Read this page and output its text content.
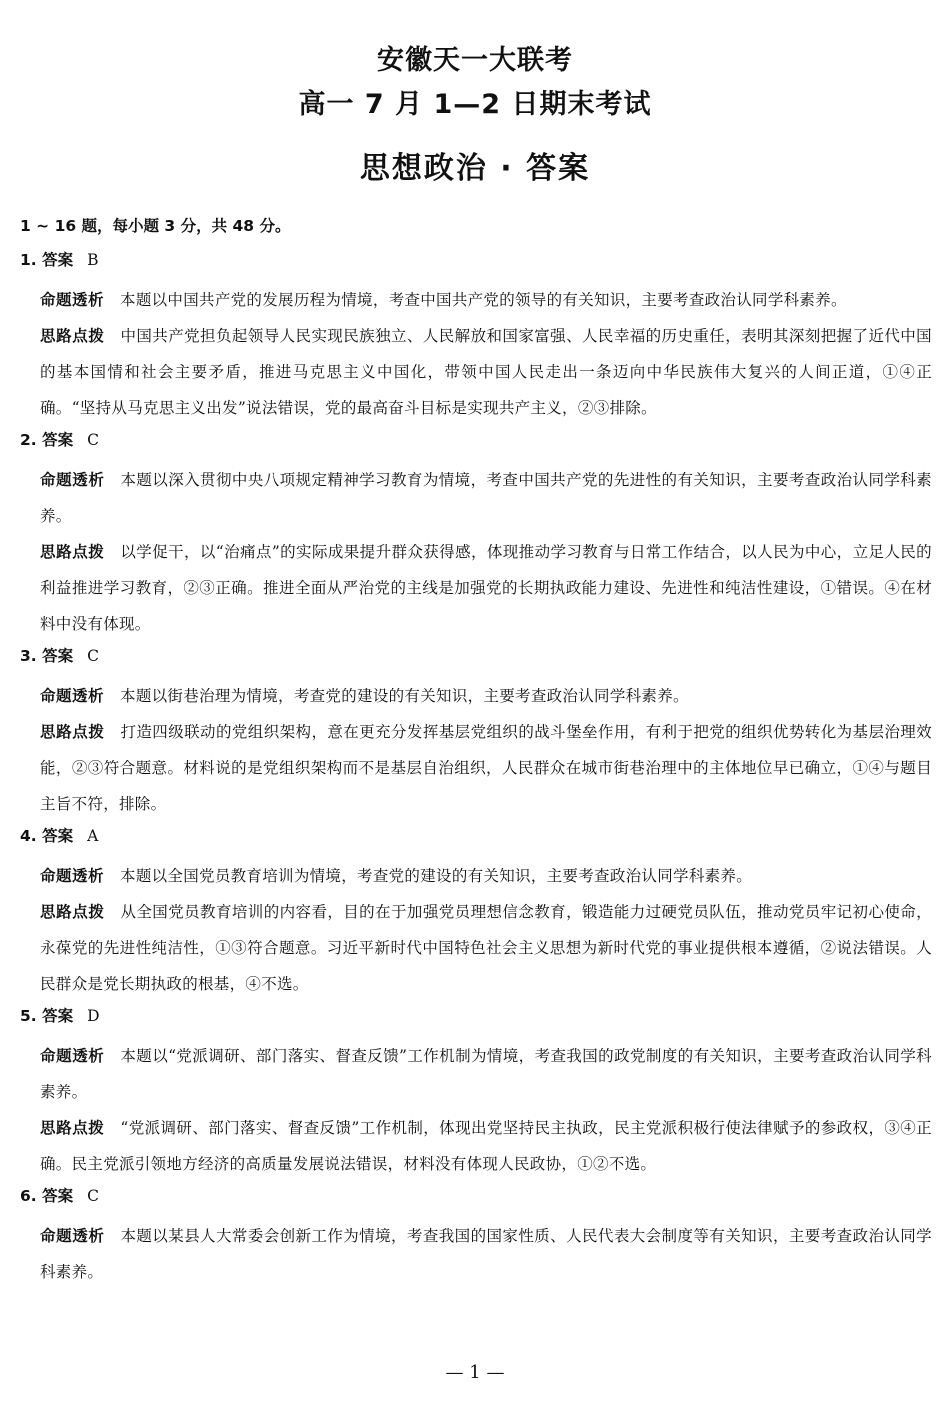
安徽天一大联考
高一 7 月 1—2 日期末考试
思想政治 · 答案
1 ~ 16 题，每小题 3 分，共 48 分。
1. 答案 B

命题透析 本题以中国共产党的发展历程为情境，考查中国共产党的领导的有关知识，主要考查政治认同学科素养。

思路点拨 中国共产党担负起领导人民实现民族独立、人民解放和国家富强、人民幸福的历史重任，表明其深刻把握了近代中国的基本国情和社会主要矛盾，推进马克思主义中国化，带领中国人民走出一条迈向中华民族伟大复兴的人间正道，①④正确。“坚持从马克思主义出发”说法错误，党的最高奋斗目标是实现共产主义，②③排除。

2. 答案 C

命题透析 本题以深入贯彻中央八项规定精神学习教育为情境，考查中国共产党的先进性的有关知识，主要考查政治认同学科素养。

思路点拨 以学促干，以“治痛点”的实际成果提升群众获得感，体现推动学习教育与日常工作结合，以人民为中心，立足人民的利益推进学习教育，②③正确。推进全面从严治党的主线是加强党的长期执政能力建设、先进性和纯洁性建设，①错误。④在材料中没有体现。

3. 答案 C

命题透析 本题以街巷治理为情境，考查党的建设的有关知识，主要考查政治认同学科素养。

思路点拨 打造四级联动的党组织架构，意在更充分发挥基层党组织的战斗堡垒作用，有利于把党的组织优势转化为基层治理效能，②③符合题意。材料说的是党组织架构而不是基层自治组织，人民群众在城市街巷治理中的主体地位早已确立，①④与题目主旨不符，排除。

4. 答案 A

命题透析 本题以全国党员教育培训为情境，考查党的建设的有关知识，主要考查政治认同学科素养。

思路点拨 从全国党员教育培训的内容看，目的在于加强党员理想信念教育，锻造能力过硬党员队伍，推动党员牢记初心使命，永葆党的先进性纯洁性，①③符合题意。习近平新时代中国特色社会主义思想为新时代党的事业提供根本遵循，②说法错误。人民群众是党长期执政的根基，④不选。

5. 答案 D

命题透析 本题以“党派调研、部门落实、督查反馈”工作机制为情境，考查我国的政党制度的有关知识，主要考查政治认同学科素养。

思路点拨 “党派调研、部门落实、督查反馈”工作机制，体现出党坚持民主执政，民主党派积极行使法律赋予的参政权，③④正确。民主党派引领地方经济的高质量发展说法错误，材料没有体现人民政协，①②不选。

6. 答案 C

命题透析 本题以某县人大常委会创新工作为情境，考查我国的国家性质、人民代表大会制度等有关知识，主要考查政治认同学科素养。

— 1 —
